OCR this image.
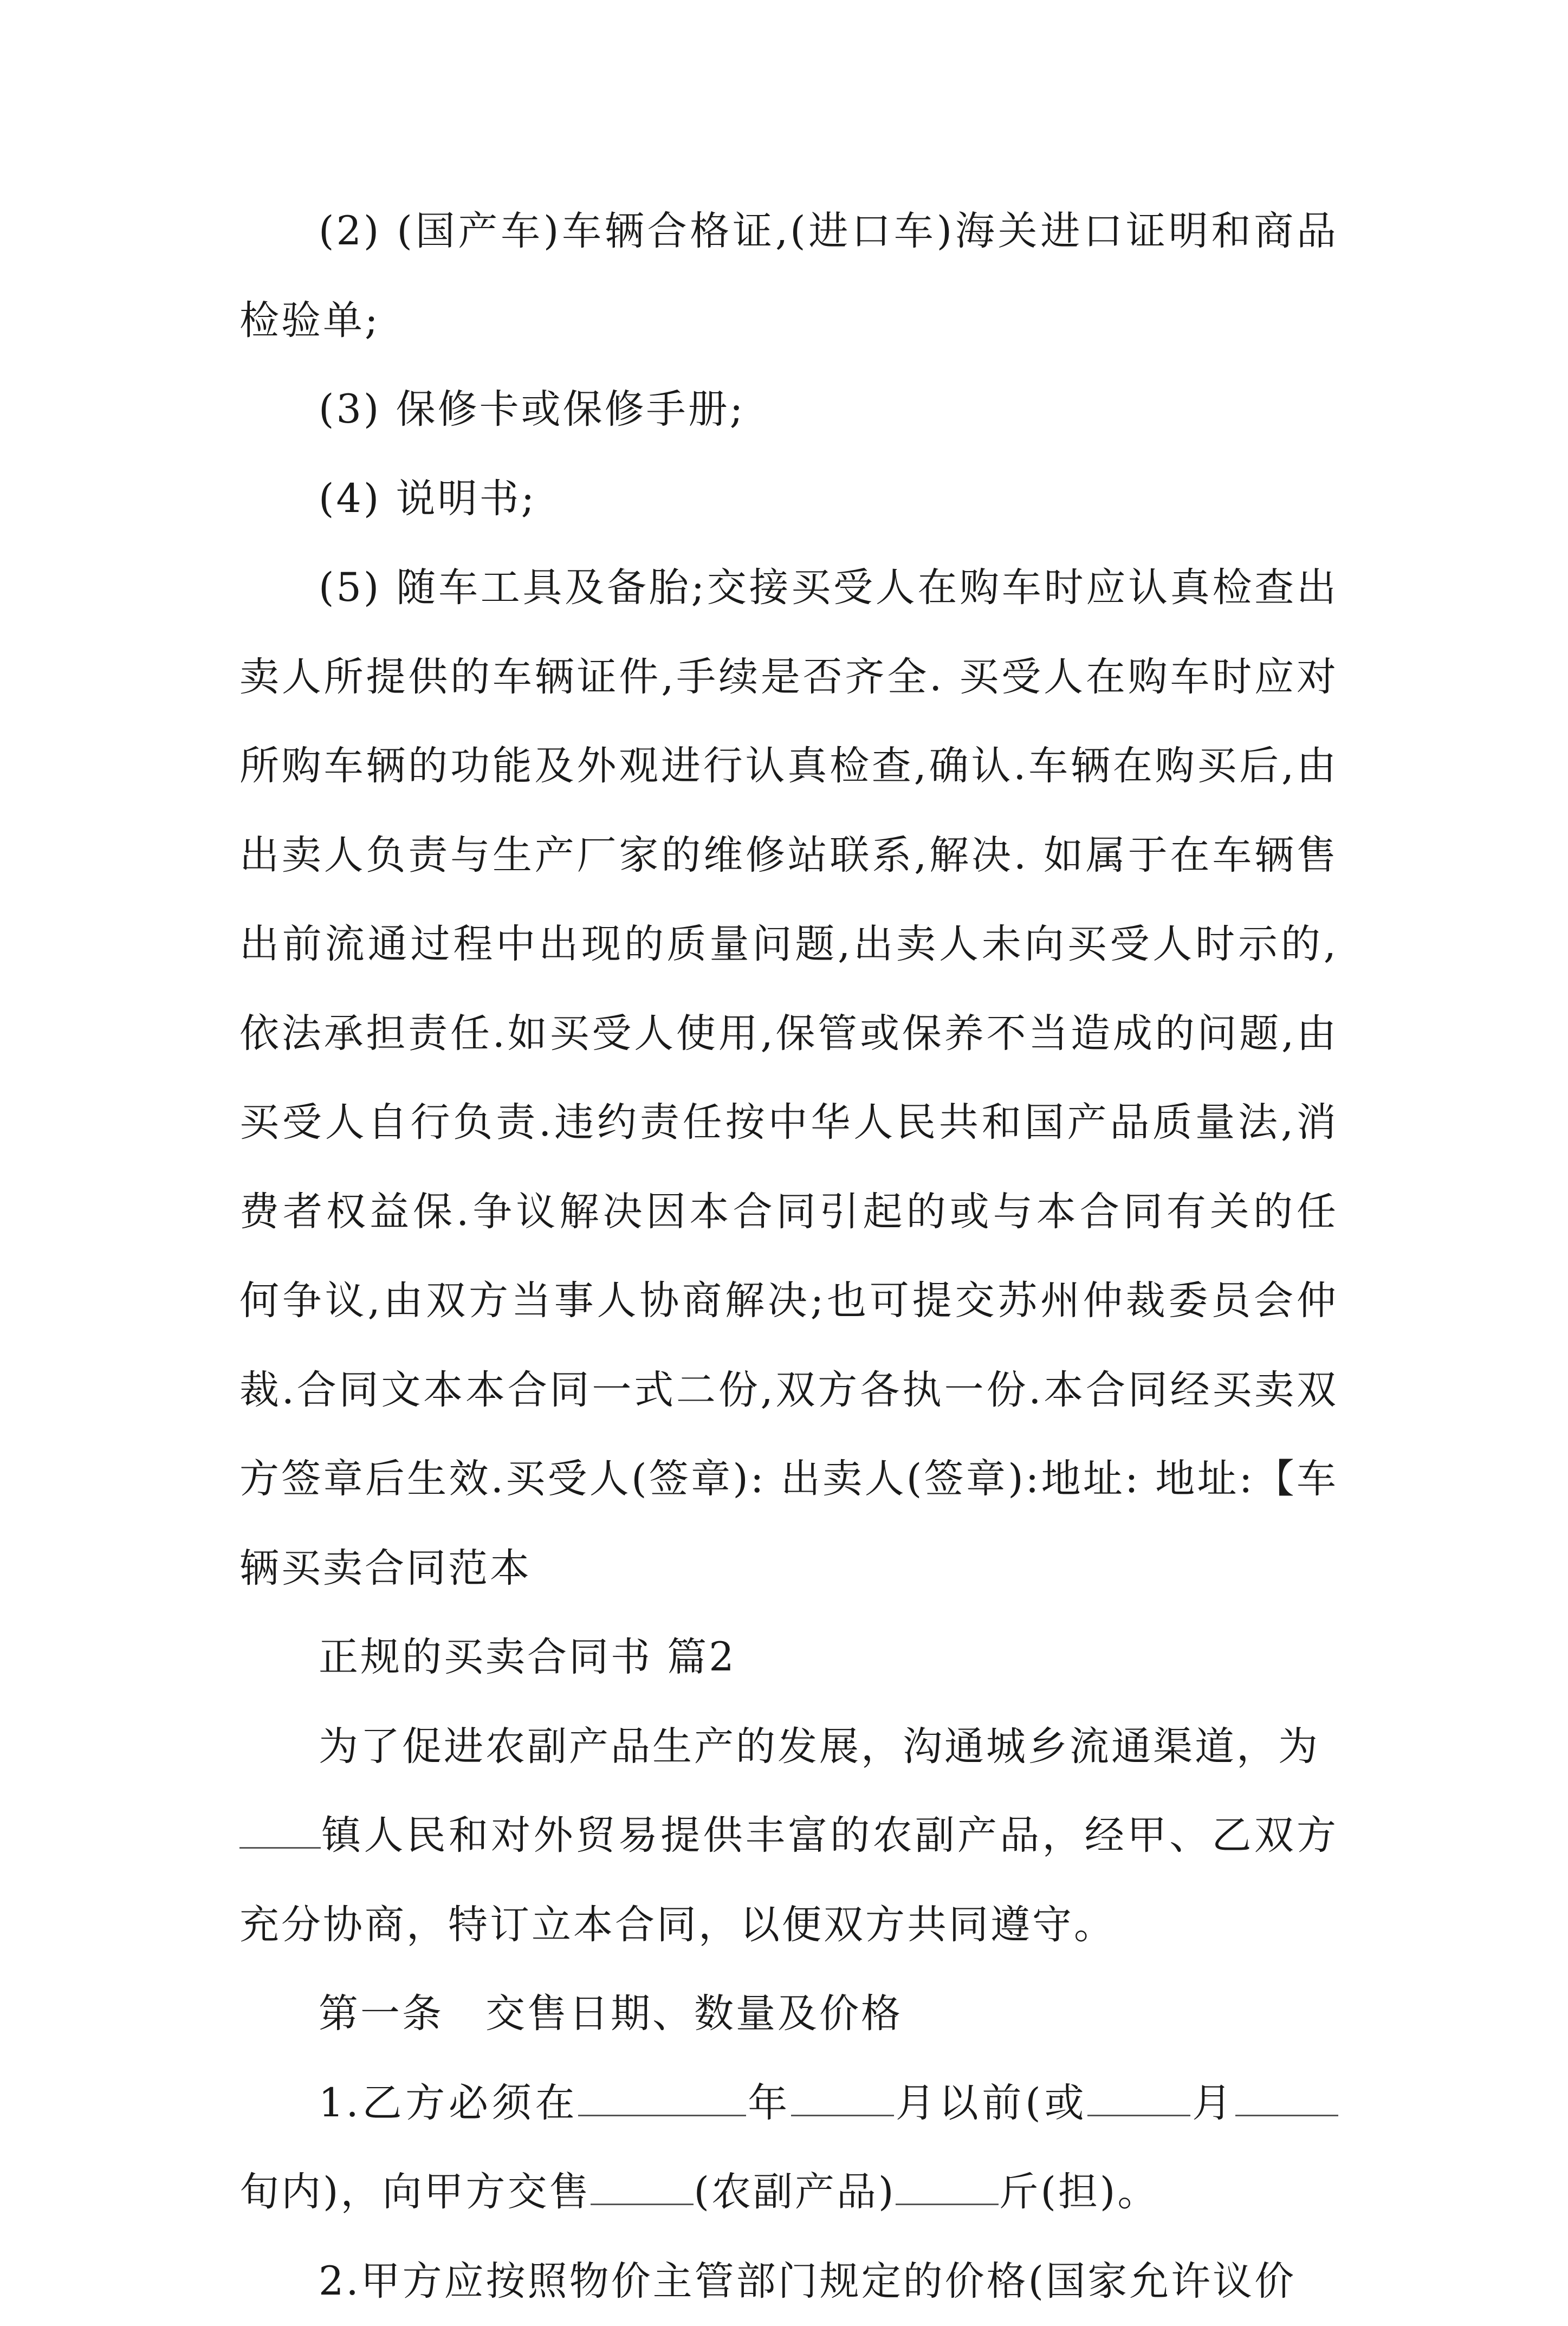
(2) (国产车)车辆合格证,(进口车)海关进口证明和商品检验单;

(3) 保修卡或保修手册;

(4) 说明书;

(5) 随车工具及备胎;交接买受人在购车时应认真检查出卖人所提供的车辆证件,手续是否齐全. 买受人在购车时应对所购车辆的功能及外观进行认真检查,确认.车辆在购买后,由出卖人负责与生产厂家的维修站联系,解决. 如属于在车辆售出前流通过程中出现的质量问题,出卖人未向买受人时示的,依法承担责任.如买受人使用,保管或保养不当造成的问题,由买受人自行负责.违约责任按中华人民共和国产品质量法,消费者权益保.争议解决因本合同引起的或与本合同有关的任何争议,由双方当事人协商解决;也可提交苏州仲裁委员会仲裁.合同文本本合同一式二份,双方各执一份.本合同经买卖双方签章后生效.买受人(签章): 出卖人(签章):地址: 地址:【车辆买卖合同范本

正规的买卖合同书 篇2

为了促进农副产品生产的发展，沟通城乡流通渠道，为

镇人民和对外贸易提供丰富的农副产品，经甲、乙双方充分协商，特订立本合同，以便双方共同遵守。

第一条　交售日期、数量及价格

1.乙方必须在	年	月以前(或	月旬内)，向甲方交售	(农副产品)	斤(担)。

2.甲方应按照物价主管部门规定的价格(国家允许议价
